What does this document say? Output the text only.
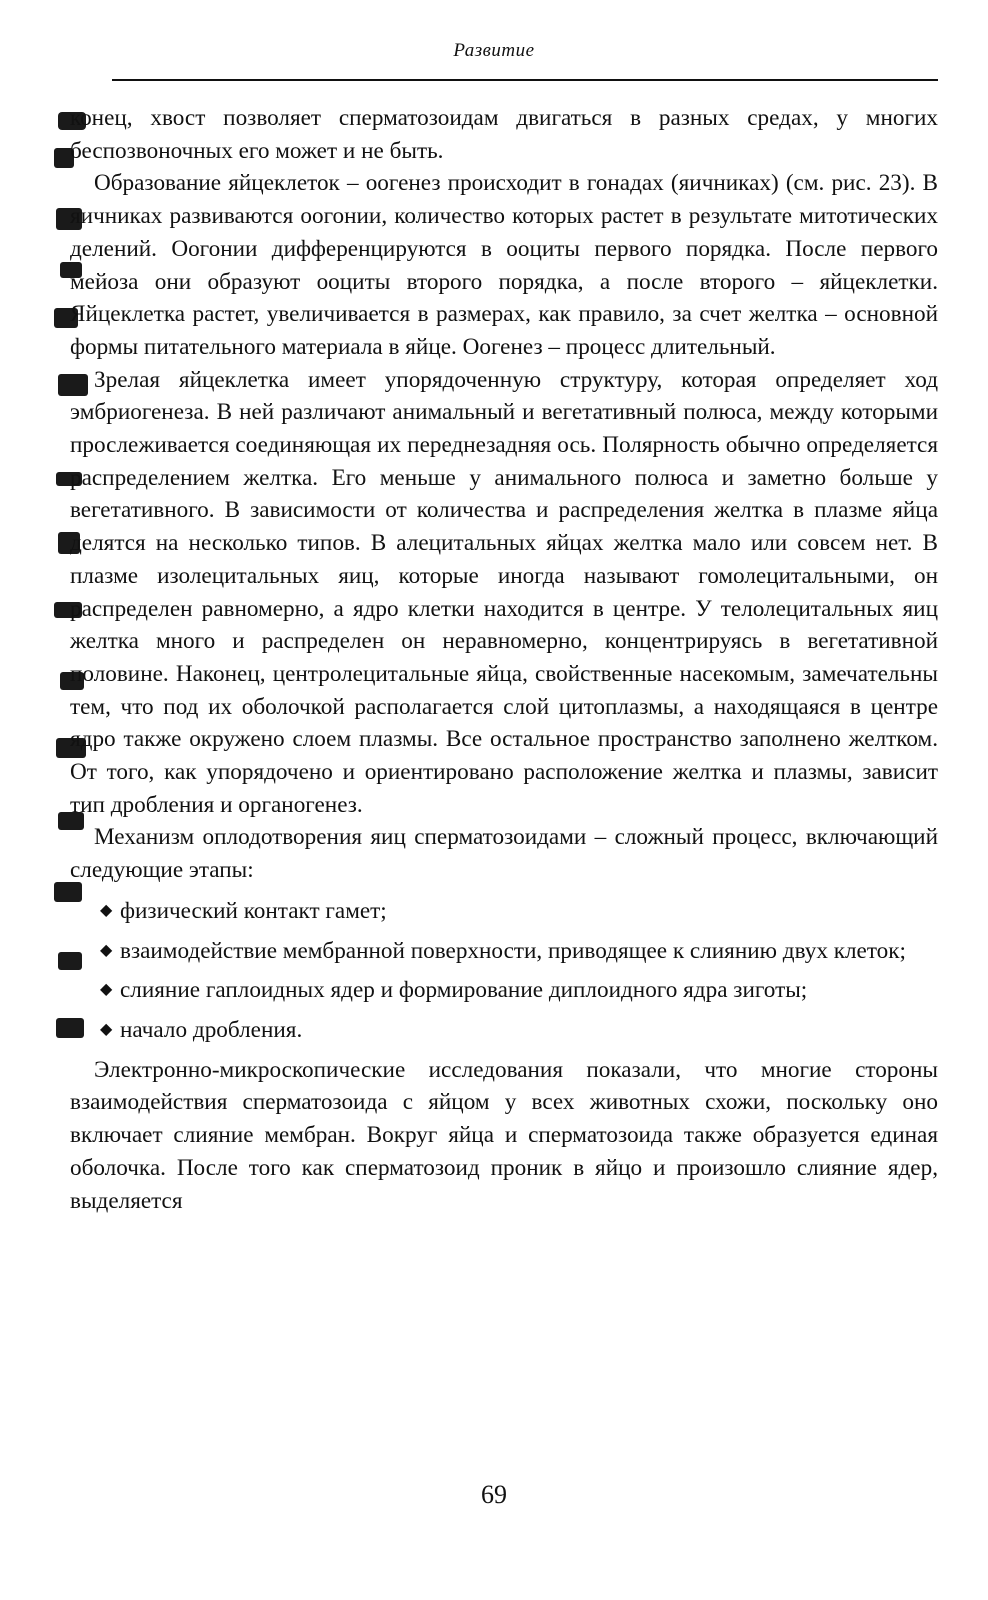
Развитие

конец, хвост позволяет сперматозоидам двигаться в разных средах, у многих беспозвоночных его может и не быть.

Образование яйцеклеток – оогенез происходит в гонадах (яичниках) (см. рис. 23). В яичниках развиваются оогонии, количество которых растет в результате митотических делений. Оогонии дифференцируются в ооциты первого порядка. После первого мейоза они образуют ооциты второго порядка, а после второго – яйцеклетки. Яйцеклетка растет, увеличивается в размерах, как правило, за счет желтка – основной формы питательного материала в яйце. Оогенез – процесс длительный.

Зрелая яйцеклетка имеет упорядоченную структуру, которая определяет ход эмбриогенеза. В ней различают анимальный и вегетативный полюса, между которыми прослеживается соединяющая их переднезадняя ось. Полярность обычно определяется распределением желтка. Его меньше у анимального полюса и заметно больше у вегетативного. В зависимости от количества и распределения желтка в плазме яйца делятся на несколько типов. В алецитальных яйцах желтка мало или совсем нет. В плазме изолецитальных яиц, которые иногда называют гомолецитальными, он распределен равномерно, а ядро клетки находится в центре. У телолецитальных яиц желтка много и распределен он неравномерно, концентрируясь в вегетативной половине. Наконец, центролецитальные яйца, свойственные насекомым, замечательны тем, что под их оболочкой располагается слой цитоплазмы, а находящаяся в центре ядро также окружено слоем плазмы. Все остальное пространство заполнено желтком. От того, как упорядочено и ориентировано расположение желтка и плазмы, зависит тип дробления и органогенез.

Механизм оплодотворения яиц сперматозоидами – сложный процесс, включающий следующие этапы:

◆ физический контакт гамет;
◆ взаимодействие мембранной поверхности, приводящее к слиянию двух клеток;
◆ слияние гаплоидных ядер и формирование диплоидного ядра зиготы;
◆ начало дробления.

Электронно-микроскопические исследования показали, что многие стороны взаимодействия сперматозоида с яйцом у всех животных схожи, поскольку оно включает слияние мембран. Вокруг яйца и сперматозоида также образуется единая оболочка. После того как сперматозоид проник в яйцо и произошло слияние ядер, выделяется

69
